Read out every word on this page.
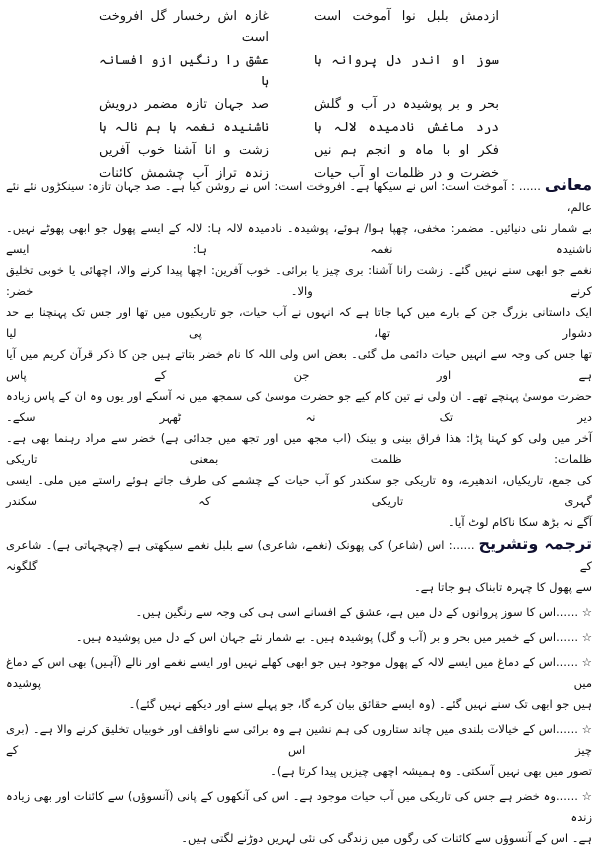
ازدمش بلبل نوا آموخت است
غازہ اش رخسار گل افروخت است
سوز او اندر دل پروانہ ہا
عشق را رنگیں ازو افسانہ ہا
بحر و بر پوشیدہ در آب و گلش
صد جہان تازہ مضمر درویش
درد ماغش نادمیدہ لالہ ہا
ناشنیدہ نغمہ ہا ہم نالہ ہا
فکر او با ماہ و انجم ہم نیں
زشت و انا آشنا خوب آفریں
خضرت و در ظلمات او آب حیات
زندہ تراز آب چشمش کائنات
معانی...... : آموخت است: اس نے سیکھا ہے۔ افروخت است: اس نے روشن کیا ہے۔ صد جہان تازہ: سینکڑوں نئے نئے عالم،
بے شمار نئی دنیائیں۔ مضمر: مخفی، چھپا ہوا/ ہوئے، پوشیدہ۔ نادمیدہ لالہ ہا: لالہ کے ایسے پھول جو ابھی پھوٹے نہیں۔ ناشنیدہ نغمہ ہا: ایسے
نغمے جو ابھی سنے نہیں گئے۔ زشت رانا آشنا: بری چیز یا برائی۔ خوب آفرین: اچھا پیدا کرنے والا، اچھائی یا خوبی تخلیق کرنے والا۔ خضر:
ایک داستانی بزرگ جن کے بارے میں کہا جاتا ہے کہ انہوں نے آب حیات، جو تاریکیوں میں تھا اور جس تک پہنچنا بے حد دشوار تھا، پی لیا
تھا جس کی وجہ سے انہیں حیات دائمی مل گئی۔ بعض اس ولی اللہ کا نام خضر بتاتے ہیں جن کا ذکر قرآن کریم میں آیا ہے اور جن کے پاس
حضرت موسیٰ پہنچے تھے۔ ان ولی نے تین کام کیے جو حضرت موسیٰ کی سمجھ میں نہ آسکے اور یوں وہ ان کے پاس زیادہ دیر تک نہ ٹھہر سکے۔
آخر میں ولی کو کہنا پڑا: ھذا فراق بینی و بینک (اب مجھ میں اور تجھ میں جدائی ہے) خضر سے مراد رہنما بھی ہے۔ ظلمات: ظلمت بمعنی تاریکی
کی جمع، تاریکیاں، اندھیرے، وہ تاریکی جو سکندر کو آب حیات کے چشمے کی طرف جاتے ہوئے راستے میں ملی۔ ایسی گہری تاریکی کہ سکندر
آگے نہ بڑھ سکا ناکام لوٹ آیا۔
ترجمہ وتشریح......: اس (شاعر) کی پھونک (نغمے، شاعری) سے بلبل نغمے سیکھتی ہے (چہچہاتی ہے)۔ شاعری کے گلگونہ
سے پھول کا چہرہ تابناک ہو جاتا ہے۔
☆ ......اس کا سوز پروانوں کے دل میں ہے، عشق کے افسانے اسی ہی کی وجہ سے رنگین ہیں۔
☆ ......اس کے خمیر میں بحر و بر (آب و گل) پوشیدہ ہیں۔ بے شمار نئے جہان اس کے دل میں پوشیدہ ہیں۔
☆ ......اس کے دماغ میں ایسے لالہ کے پھول موجود ہیں جو ابھی کھلے نہیں اور ایسے نغمے اور نالے (آہیں) بھی اس کے دماغ میں پوشیدہ
ہیں جو ابھی تک سنے نہیں گئے۔ (وہ ایسے حقائق بیان کرے گا، جو پہلے سنے اور دیکھے نہیں گئے)۔
☆ ......اس کے خیالات بلندی میں چاند ستاروں کی ہم نشین ہے وہ برائی سے ناواقف اور خوبیاں تخلیق کرنے والا ہے۔ (بری چیز اس کے
تصور میں بھی نہیں آسکتی۔ وہ ہمیشہ اچھی چیزیں پیدا کرتا ہے)۔
☆ ......وہ خضر ہے جس کی تاریکی میں آب حیات موجود ہے۔ اس کی آنکھوں کے پانی (آنسوؤں) سے کائنات اور بھی زیادہ زندہ
ہے۔ اس کے آنسوؤں سے کائنات کی رگوں میں زندگی کی نئی لہریں دوڑنے لگتی ہیں۔
